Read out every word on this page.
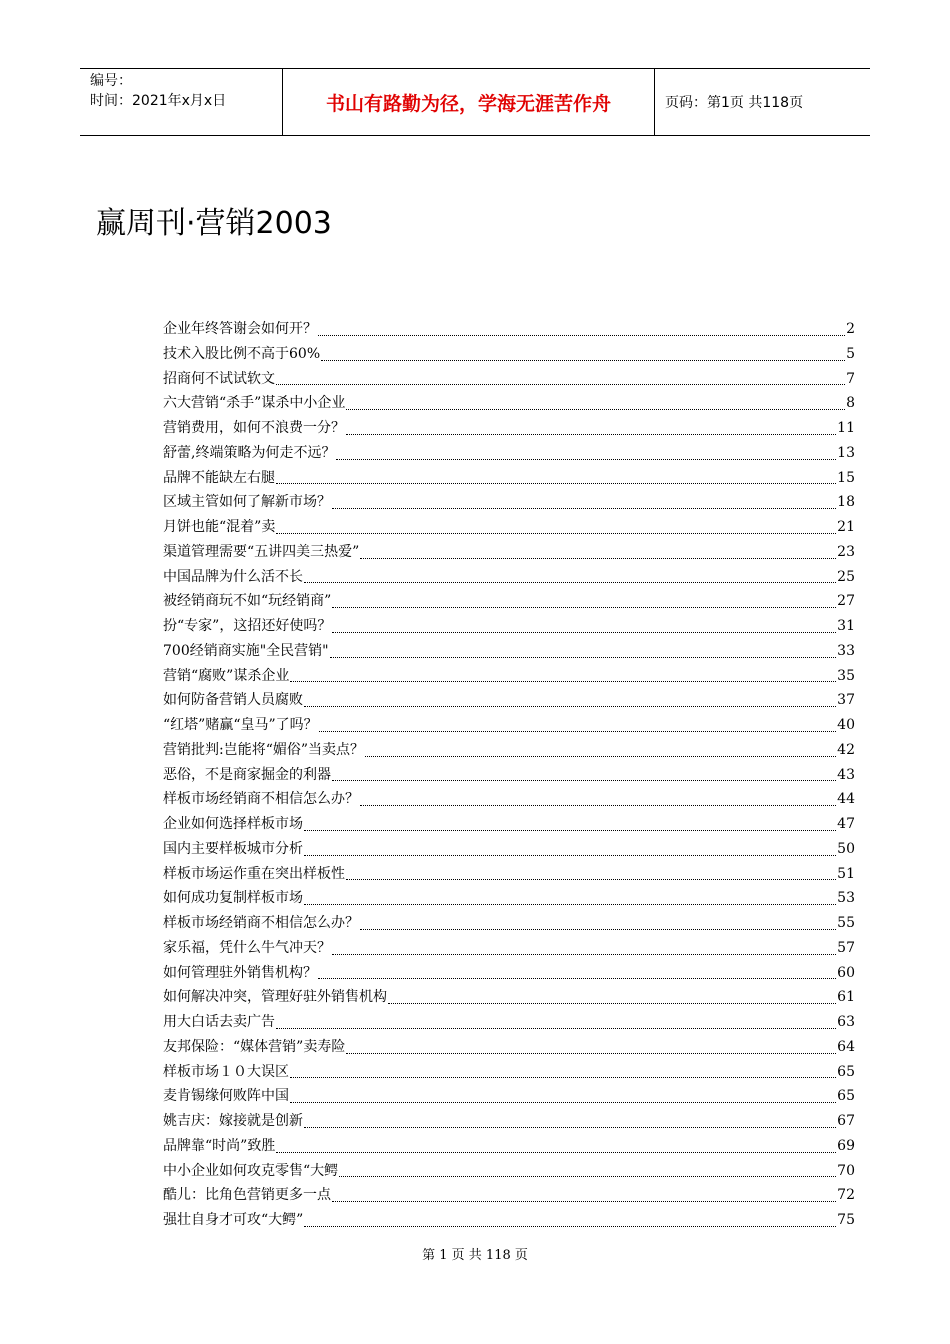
编号：
时间：2021年x月x日	书山有路勤为径，学海无涯苦作舟	页码：第1页 共118页
赢周刊·营销2003
企业年终答谢会如何开？	2
技术入股比例不高于60%	5
招商何不试试软文	7
六大营销“杀手”谋杀中小企业	8
营销费用，如何不浪费一分？	11
舒蕾,终端策略为何走不远？	13
品牌不能缺左右腿	15
区域主管如何了解新市场？	18
月饼也能“混着”卖	21
渠道管理需要“五讲四美三热爱”	23
中国品牌为什么活不长	25
被经销商玩不如“玩经销商”	27
扮“专家”，这招还好使吗？	31
700经销商实施"全民营销"	33
营销“腐败”谋杀企业	35
如何防备营销人员腐败	37
“红塔”赌赢“皇马”了吗？	40
营销批判:岂能将“媚俗”当卖点？	42
恶俗，不是商家掘金的利器	43
样板市场经销商不相信怎么办？	44
企业如何选择样板市场	47
国内主要样板城市分析	50
样板市场运作重在突出样板性	51
如何成功复制样板市场	53
样板市场经销商不相信怎么办？	55
家乐福，凭什么牛气冲天？	57
如何管理驻外销售机构？	60
如何解决冲突，管理好驻外销售机构	61
用大白话去卖广告	63
友邦保险：“媒体营销”卖寿险	64
样板市场１０大误区	65
麦肯锡缘何败阵中国	65
姚吉庆：嫁接就是创新	67
品牌靠“时尚”致胜	69
中小企业如何攻克零售“大鳄	70
酷儿：比角色营销更多一点	72
强壮自身才可攻“大鳄”	75
第 1 页 共 118 页
